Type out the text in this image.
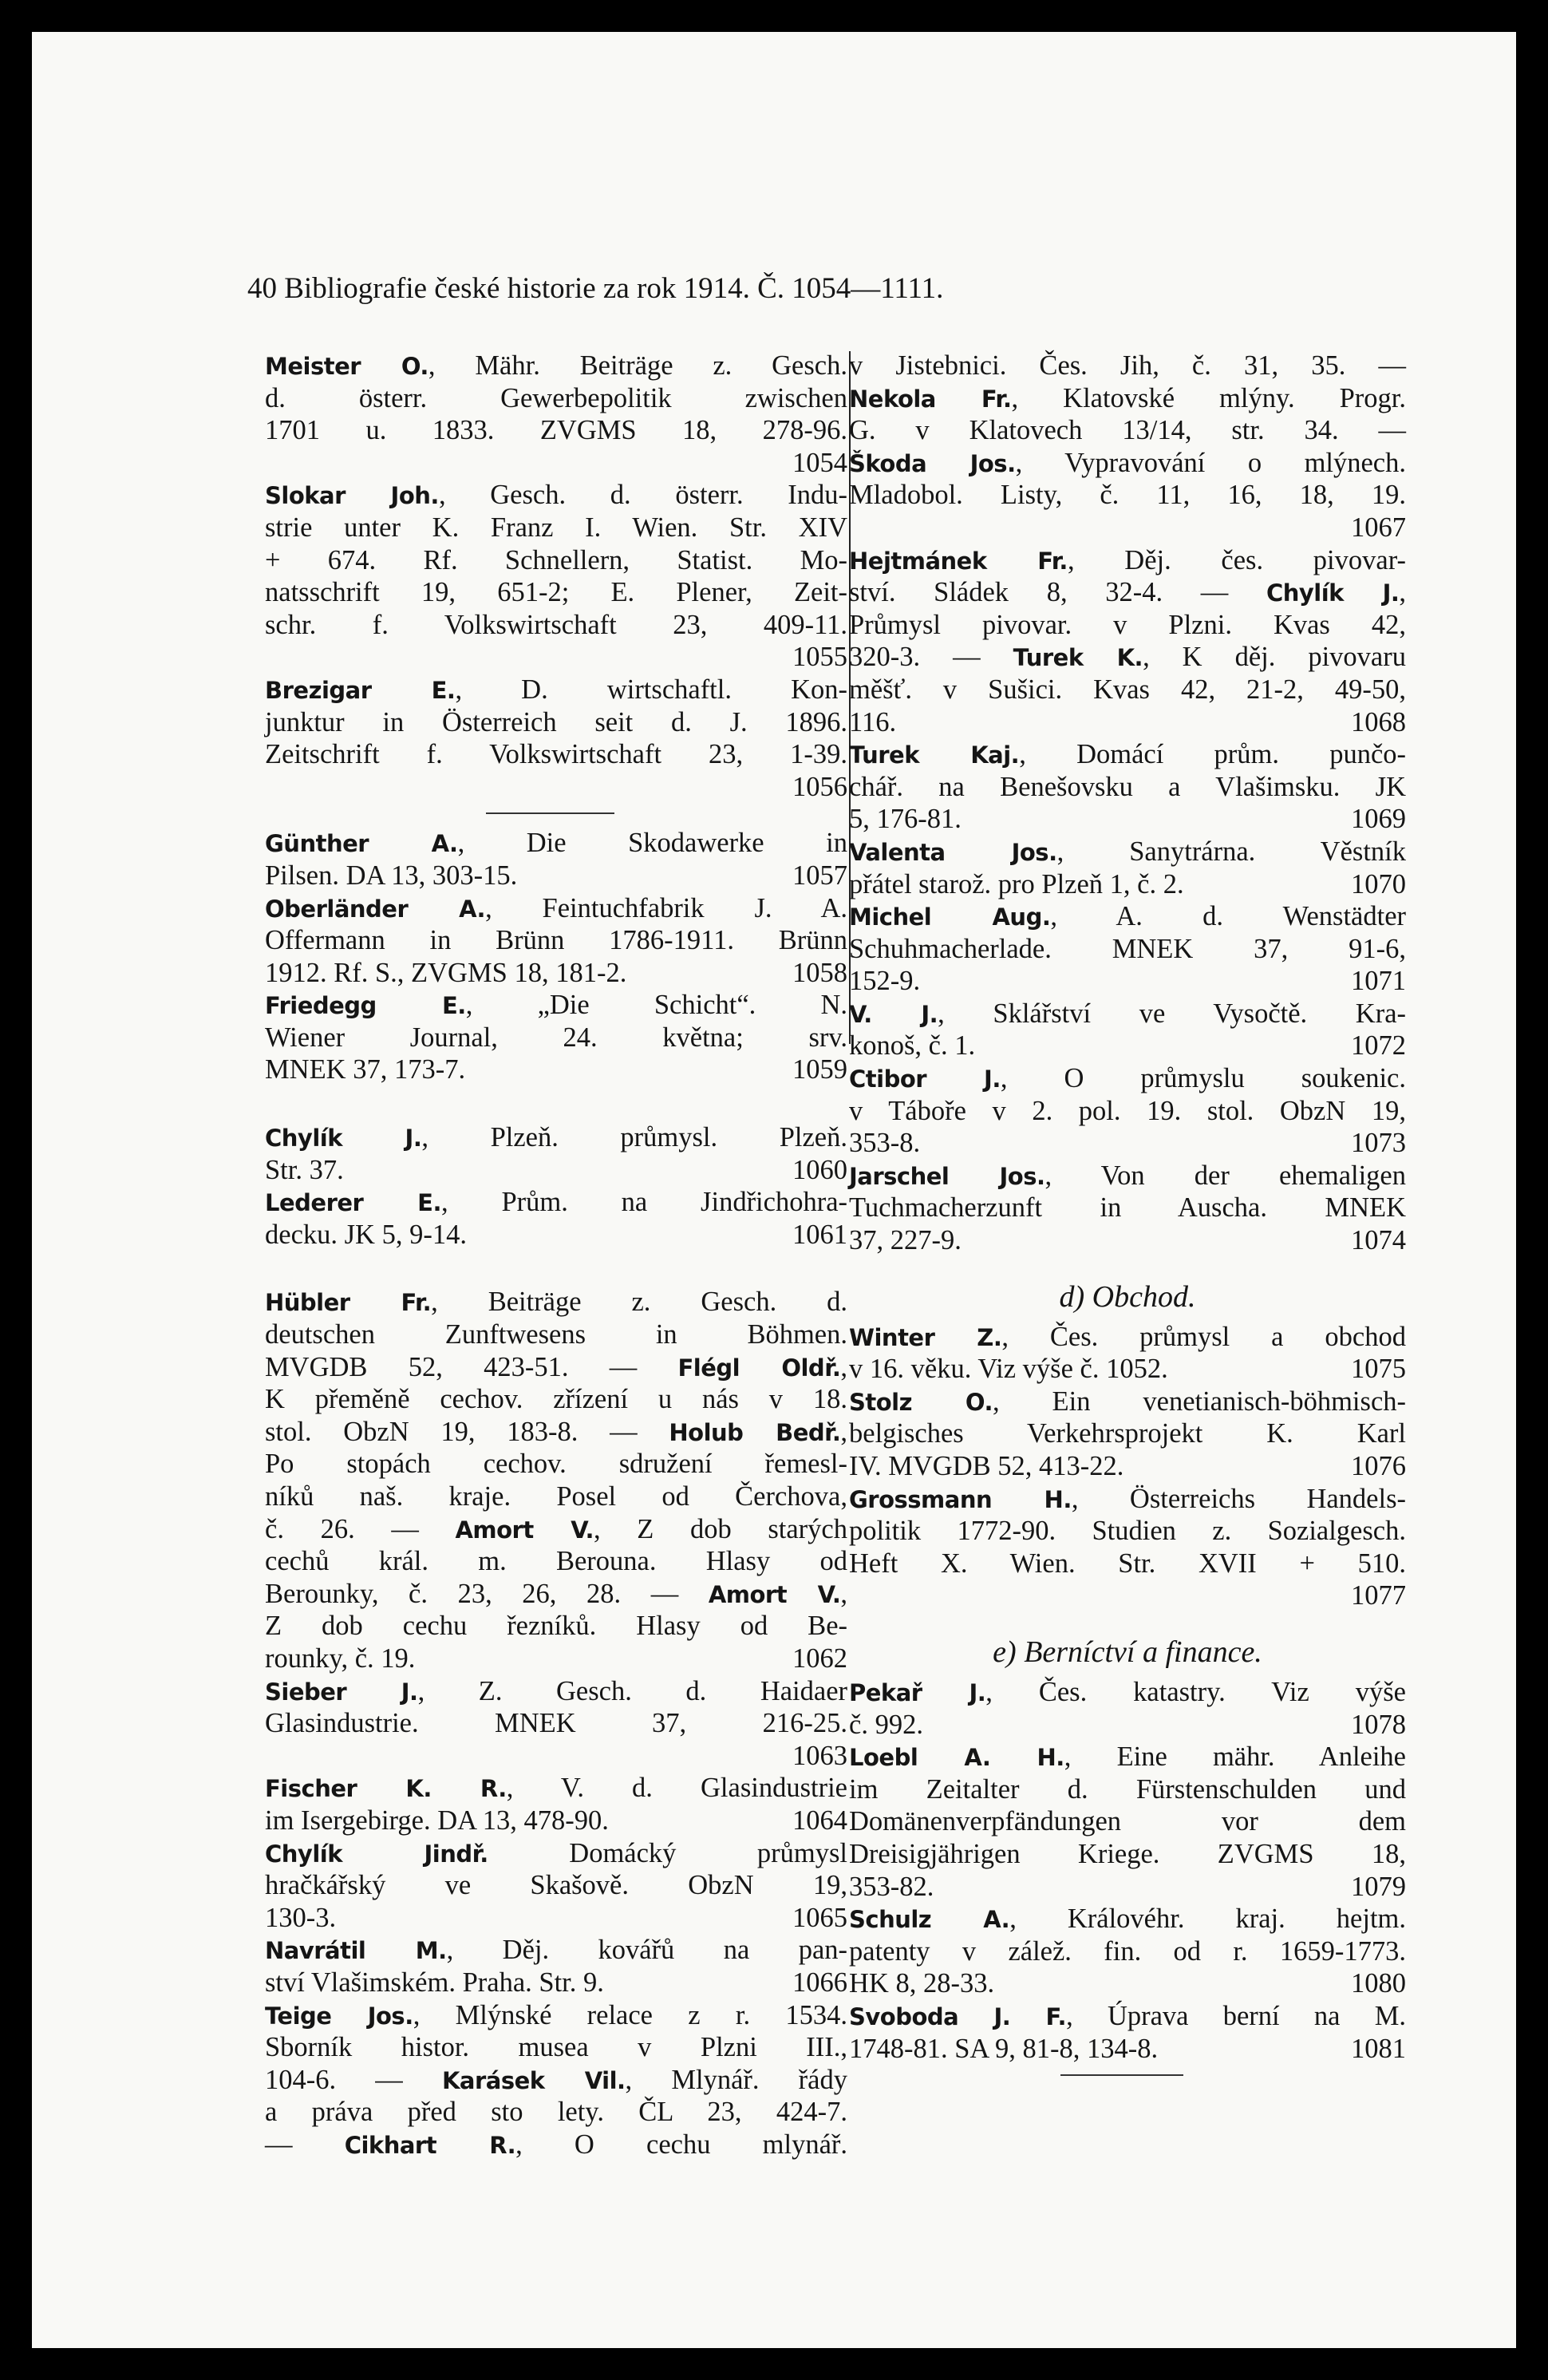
40 Bibliografie české historie za rok 1914. Č. 1054—1111.

Meister O., Mähr. Beiträge z. Gesch.

d. österr. Gewerbepolitik zwischen

1701 u. 1833. ZVGMS 18, 278-96.

1054

Slokar Joh., Gesch. d. österr. Indu-

strie unter K. Franz I. Wien. Str. XIV

+ 674. Rf. Schnellern, Statist. Mo-

natsschrift 19, 651-2; E. Plener, Zeit-

schr. f. Volkswirtschaft 23, 409-11.

1055

Brezigar E., D. wirtschaftl. Kon-

junktur in Österreich seit d. J. 1896.

Zeitschrift f. Volkswirtschaft 23, 1-39.

1056

Günther A., Die Skodawerke in

Pilsen. DA 13, 303-15.	1057

Oberländer A., Feintuchfabrik J. A.

Offermann in Brünn 1786-1911. Brünn

1912. Rf. S., ZVGMS 18, 181-2.	1058

Friedegg E., „Die Schicht“. N.

Wiener Journal, 24. května; srv.

MNEK 37, 173-7.	1059

Chylík J., Plzeň. průmysl. Plzeň.

Str. 37.	1060

Lederer E., Prům. na Jindřichohra-

decku. JK 5, 9-14.	1061

Hübler Fr., Beiträge z. Gesch. d.

deutschen Zunftwesens in Böhmen.

MVGDB 52, 423-51. — Flégl Oldř.,

K přeměně cechov. zřízení u nás v 18.

stol. ObzN 19, 183-8. — Holub Bedř.,

Po stopách cechov. sdružení řemesl-

níků naš. kraje. Posel od Čerchova,

č. 26. — Amort V., Z dob starých

cechů král. m. Berouna. Hlasy od

Berounky, č. 23, 26, 28. — Amort V.,

Z dob cechu řezníků. Hlasy od Be-

rounky, č. 19.	1062

Sieber J., Z. Gesch. d. Haidaer

Glasindustrie. MNEK 37, 216-25.

1063

Fischer K. R., V. d. Glasindustrie

im Isergebirge. DA 13, 478-90.	1064

Chylík Jindř. Domácký průmysl

hračkářský ve Skašově. ObzN 19,

130-3.	1065

Navrátil M., Děj. kovářů na pan-

ství Vlašimském. Praha. Str. 9.	1066

Teige Jos., Mlýnské relace z r. 1534.

Sborník histor. musea v Plzni III.,

104-6. — Karásek Vil., Mlynář. řády

a práva před sto lety. ČL 23, 424-7.

— Cikhart R., O cechu mlynář.

v Jistebnici. Čes. Jih, č. 31, 35. —

Nekola Fr., Klatovské mlýny. Progr.

G. v Klatovech 13/14, str. 34. —

Škoda Jos., Vypravování o mlýnech.

Mladobol. Listy, č. 11, 16, 18, 19.

1067

Hejtmánek Fr., Děj. čes. pivovar-

ství. Sládek 8, 32-4. — Chylík J.,

Průmysl pivovar. v Plzni. Kvas 42,

320-3. — Turek K., K děj. pivovaru

měšť. v Sušici. Kvas 42, 21-2, 49-50,

116.	1068

Turek Kaj., Domácí prům. punčo-

chář. na Benešovsku a Vlašimsku. JK

5, 176-81.	1069

Valenta Jos., Sanytrárna. Věstník

přátel starož. pro Plzeň 1, č. 2.	1070

Michel Aug., A. d. Wenstädter

Schuhmacherlade. MNEK 37, 91-6,

152-9.	1071

V. J., Sklářství ve Vysočtě. Kra-

konoš, č. 1.	1072

Ctibor J., O průmyslu soukenic.

v Táboře v 2. pol. 19. stol. ObzN 19,

353-8.	1073

Jarschel Jos., Von der ehemaligen

Tuchmacherzunft in Auscha. MNEK

37, 227-9.	1074

d) Obchod.

Winter Z., Čes. průmysl a obchod

v 16. věku. Viz výše č. 1052.	1075

Stolz O., Ein venetianisch-böhmisch-

belgisches Verkehrsprojekt K. Karl

IV. MVGDB 52, 413-22.	1076

Grossmann H., Österreichs Handels-

politik 1772-90. Studien z. Sozialgesch.

Heft X. Wien. Str. XVII + 510.

1077

e) Berníctví a finance.

Pekař J., Čes. katastry. Viz výše

č. 992.	1078

Loebl A. H., Eine mähr. Anleihe

im Zeitalter d. Fürstenschulden und

Domänenverpfändungen vor dem

Dreisigjährigen Kriege. ZVGMS 18,

353-82.	1079

Schulz A., Královéhr. kraj. hejtm.

patenty v zálež. fin. od r. 1659-1773.

HK 8, 28-33.	1080

Svoboda J. F., Úprava berní na M.

1748-81. SA 9, 81-8, 134-8.	1081
